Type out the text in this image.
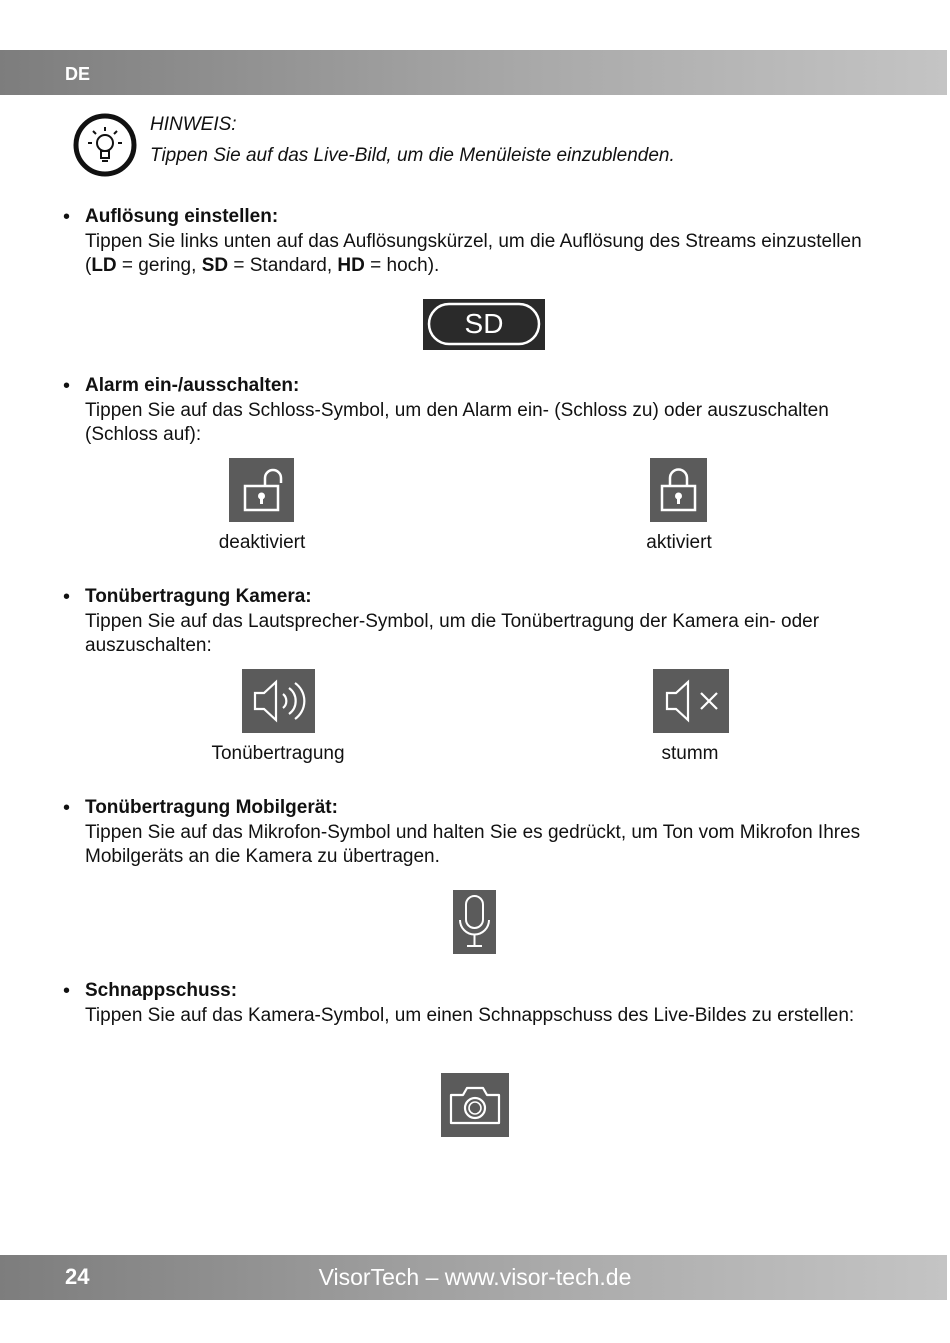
DE
HINWEIS:
Tippen Sie auf das Live-Bild, um die Menüleiste einzublenden.
• Auflösung einstellen:
Tippen Sie links unten auf das Auflösungskürzel, um die Auflösung des Streams einzustellen (LD = gering, SD = Standard, HD = hoch).
SD
• Alarm ein-/ausschalten:
Tippen Sie auf das Schloss-Symbol, um den Alarm ein- (Schloss zu) oder auszuschalten (Schloss auf):
deaktiviert	aktiviert
• Tonübertragung Kamera:
Tippen Sie auf das Lautsprecher-Symbol, um die Tonübertragung der Kamera ein- oder auszuschalten:
Tonübertragung	stumm
• Tonübertragung Mobilgerät:
Tippen Sie auf das Mikrofon-Symbol und halten Sie es gedrückt, um Ton vom Mikrofon Ihres Mobilgeräts an die Kamera zu übertragen.
• Schnappschuss:
Tippen Sie auf das Kamera-Symbol, um einen Schnappschuss des Live-Bildes zu erstellen:
24	VisorTech – www.visor-tech.de
